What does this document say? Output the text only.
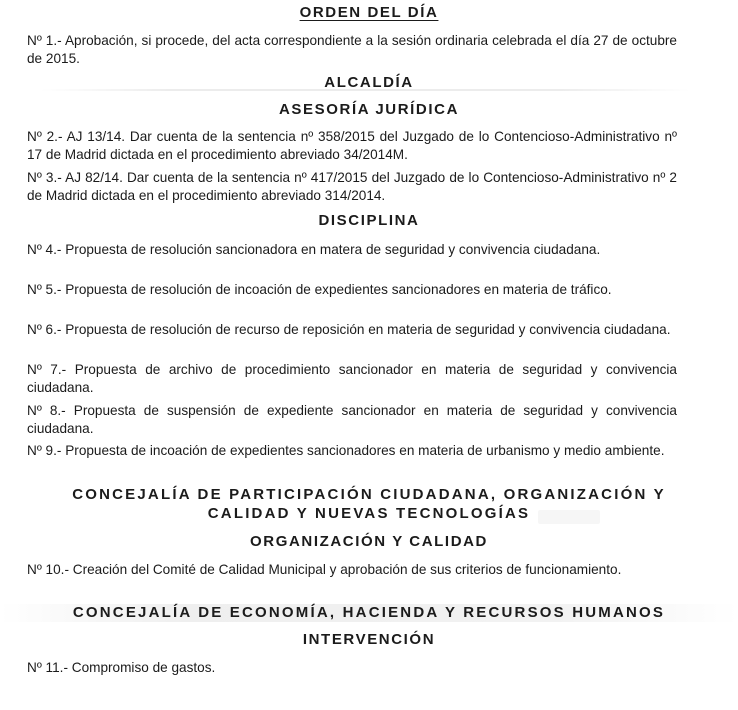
ORDEN DEL DÍA

Nº 1.- Aprobación, si procede, del acta correspondiente a la sesión ordinaria celebrada el día 27 de octubre de 2015.

ALCALDÍA
ASESORÍA JURÍDICA

Nº 2.- AJ 13/14. Dar cuenta de la sentencia nº 358/2015 del Juzgado de lo Contencioso-Administrativo nº 17 de Madrid dictada en el procedimiento abreviado 34/2014M.

Nº 3.- AJ 82/14. Dar cuenta de la sentencia nº 417/2015 del Juzgado de lo Contencioso-Administrativo nº 2 de Madrid dictada en el procedimiento abreviado 314/2014.

DISCIPLINA

Nº 4.- Propuesta de resolución sancionadora en matera de seguridad y convivencia ciudadana.

Nº 5.- Propuesta de resolución de incoación de expedientes sancionadores en materia de tráfico.

Nº 6.- Propuesta de resolución de recurso de reposición en materia de seguridad y convivencia ciudadana.

Nº 7.- Propuesta de archivo de procedimiento sancionador en materia de seguridad y convivencia ciudadana.

Nº 8.- Propuesta de suspensión de expediente sancionador en materia de seguridad y convivencia ciudadana.

Nº 9.- Propuesta de incoación de expedientes sancionadores en materia de urbanismo y medio ambiente.

CONCEJALÍA DE PARTICIPACIÓN CIUDADANA, ORGANIZACIÓN Y
CALIDAD Y NUEVAS TECNOLOGÍAS
ORGANIZACIÓN Y CALIDAD

Nº 10.- Creación del Comité de Calidad Municipal y aprobación de sus criterios de funcionamiento.

CONCEJALÍA DE ECONOMÍA, HACIENDA Y RECURSOS HUMANOS
INTERVENCIÓN

Nº 11.- Compromiso de gastos.
